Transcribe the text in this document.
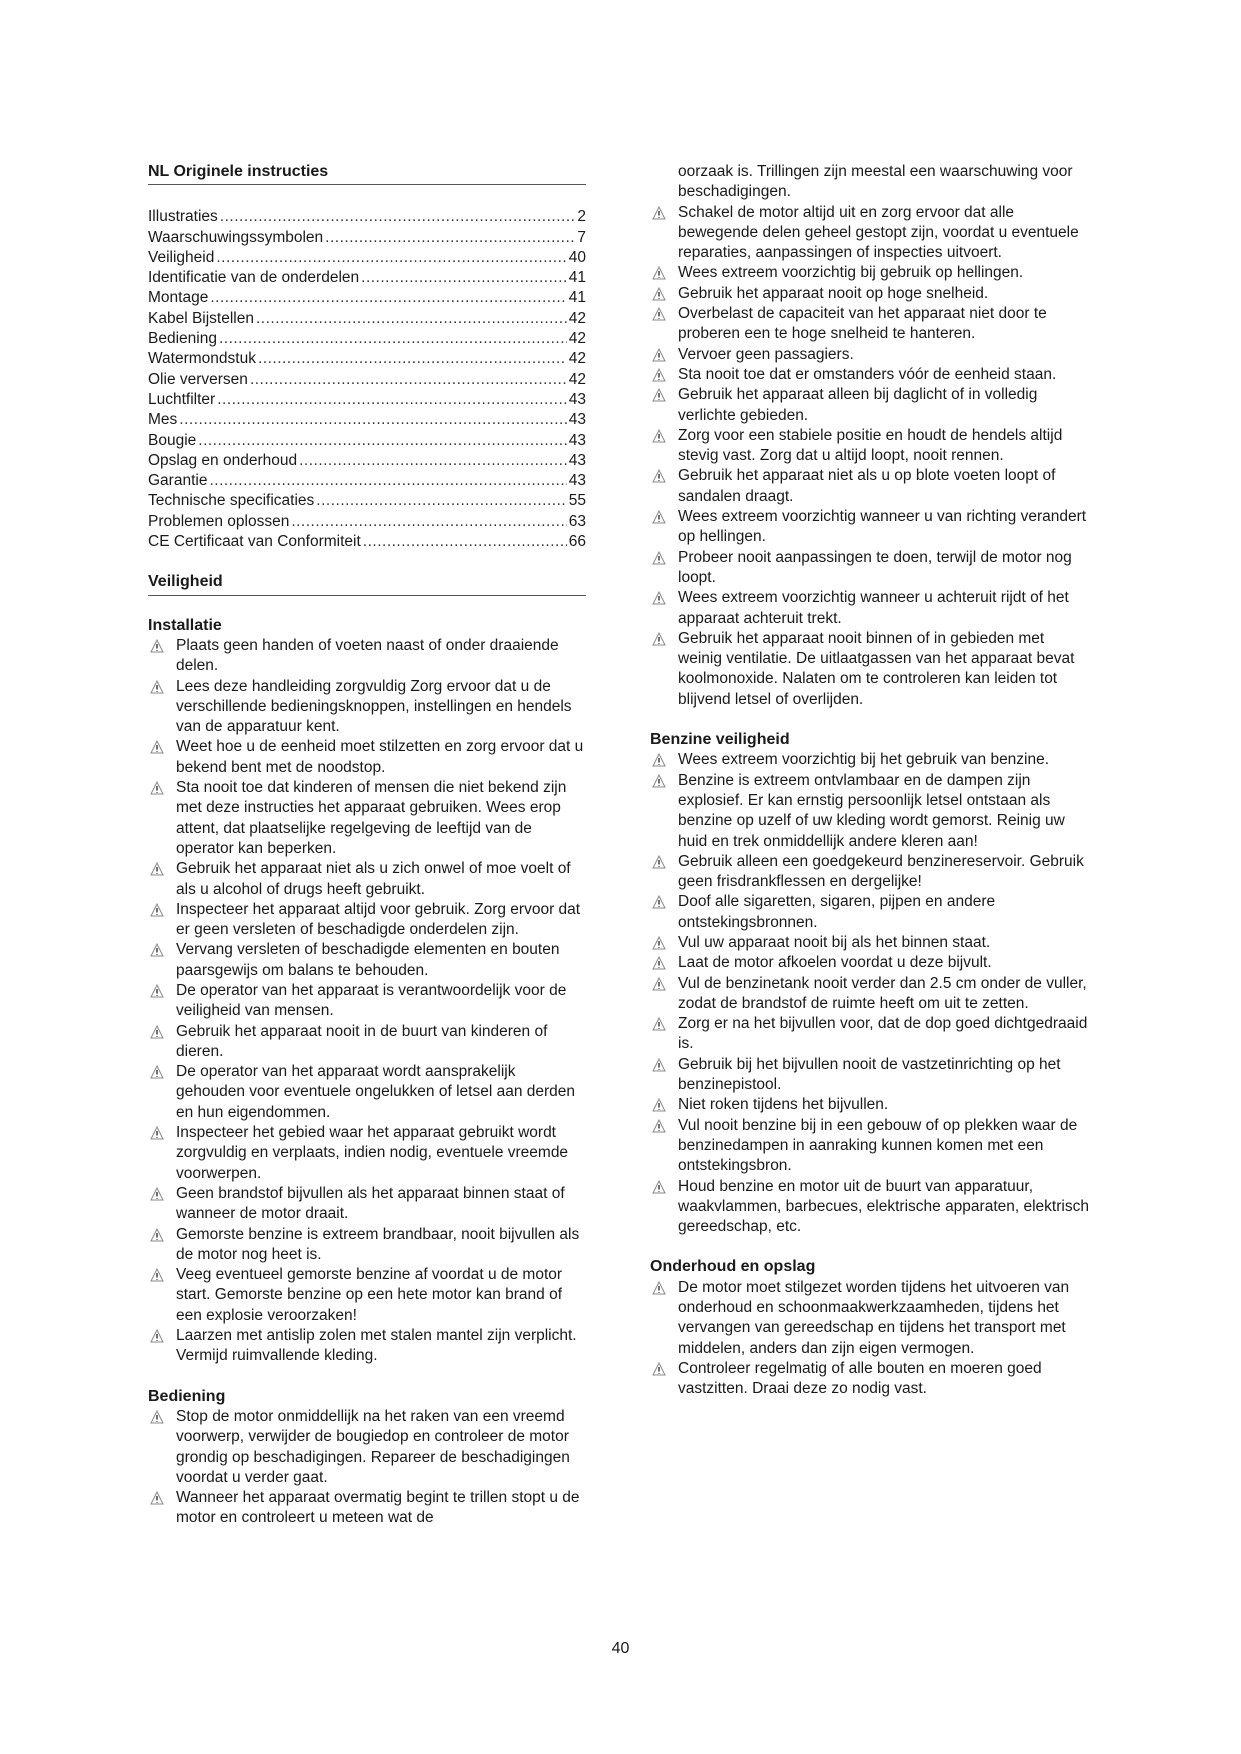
NL Originele instructies
Illustraties .....	2
Waarschuwingssymbolen .....	7
Veiligheid .....	40
Identificatie van de onderdelen .....	41
Montage .....	41
Kabel Bijstellen .....	42
Bediening .....	42
Watermondstuk .....	42
Olie verversen .....	42
Luchtfilter .....	43
Mes .....	43
Bougie .....	43
Opslag en onderhoud .....	43
Garantie .....	43
Technische specificaties .....	55
Problemen oplossen .....	63
CE Certificaat van Conformiteit .....	66
Veiligheid
Installatie
Plaats geen handen of voeten naast of onder draaiende delen.
Lees deze handleiding zorgvuldig Zorg ervoor dat u de verschillende bedieningsknoppen, instellingen en hendels van de apparatuur kent.
Weet hoe u de eenheid moet stilzetten en zorg ervoor dat u bekend bent met de noodstop.
Sta nooit toe dat kinderen of mensen die niet bekend zijn met deze instructies het apparaat gebruiken. Wees erop attent, dat plaatselijke regelgeving de leeftijd van de operator kan beperken.
Gebruik het apparaat niet als u zich onwel of moe voelt of als u alcohol of drugs heeft gebruikt.
Inspecteer het apparaat altijd voor gebruik. Zorg ervoor dat er geen versleten of beschadigde onderdelen zijn.
Vervang versleten of beschadigde elementen en bouten paarsgewijs om balans te behouden.
De operator van het apparaat is verantwoordelijk voor de veiligheid van mensen.
Gebruik het apparaat nooit in de buurt van kinderen of dieren.
De operator van het apparaat wordt aansprakelijk gehouden voor eventuele ongelukken of letsel aan derden en hun eigendommen.
Inspecteer het gebied waar het apparaat gebruikt wordt zorgvuldig en verplaats, indien nodig, eventuele vreemde voorwerpen.
Geen brandstof bijvullen als het apparaat binnen staat of wanneer de motor draait.
Gemorste benzine is extreem brandbaar, nooit bijvullen als de motor nog heet is.
Veeg eventueel gemorste benzine af voordat u de motor start. Gemorste benzine op een hete motor kan brand of een explosie veroorzaken!
Laarzen met antislip zolen met stalen mantel zijn verplicht. Vermijd ruimvallende kleding.
Bediening
Stop de motor onmiddellijk na het raken van een vreemd voorwerp, verwijder de bougiedop en controleer de motor grondig op beschadigingen. Repareer de beschadigingen voordat u verder gaat.
Wanneer het apparaat overmatig begint te trillen stopt u de motor en controleert u meteen wat de
oorzaak is. Trillingen zijn meestal een waarschuwing voor beschadigingen.
Schakel de motor altijd uit en zorg ervoor dat alle bewegende delen geheel gestopt zijn, voordat u eventuele reparaties, aanpassingen of inspecties uitvoert.
Wees extreem voorzichtig bij gebruik op hellingen.
Gebruik het apparaat nooit op hoge snelheid.
Overbelast de capaciteit van het apparaat niet door te proberen een te hoge snelheid te hanteren.
Vervoer geen passagiers.
Sta nooit toe dat er omstanders vóór de eenheid staan.
Gebruik het apparaat alleen bij daglicht of in volledig verlichte gebieden.
Zorg voor een stabiele positie en houdt de hendels altijd stevig vast. Zorg dat u altijd loopt, nooit rennen.
Gebruik het apparaat niet als u op blote voeten loopt of sandalen draagt.
Wees extreem voorzichtig wanneer u van richting verandert op hellingen.
Probeer nooit aanpassingen te doen, terwijl de motor nog loopt.
Wees extreem voorzichtig wanneer u achteruit rijdt of het apparaat achteruit trekt.
Gebruik het apparaat nooit binnen of in gebieden met weinig ventilatie. De uitlaatgassen van het apparaat bevat koolmonoxide. Nalaten om te controleren kan leiden tot blijvend letsel of overlijden.
Benzine veiligheid
Wees extreem voorzichtig bij het gebruik van benzine.
Benzine is extreem ontvlambaar en de dampen zijn explosief. Er kan ernstig persoonlijk letsel ontstaan als benzine op uzelf of uw kleding wordt gemorst. Reinig uw huid en trek onmiddellijk andere kleren aan!
Gebruik alleen een goedgekeurd benzinereservoir. Gebruik geen frisdrankflessen en dergelijke!
Doof alle sigaretten, sigaren, pijpen en andere ontstekingsbronnen.
Vul uw apparaat nooit bij als het binnen staat.
Laat de motor afkoelen voordat u deze bijvult.
Vul de benzinetank nooit verder dan 2.5 cm onder de vuller, zodat de brandstof de ruimte heeft om uit te zetten.
Zorg er na het bijvullen voor, dat de dop goed dichtgedraaid is.
Gebruik bij het bijvullen nooit de vastzetinrichting op het benzinepistool.
Niet roken tijdens het bijvullen.
Vul nooit benzine bij in een gebouw of op plekken waar de benzinedampen in aanraking kunnen komen met een ontstekingsbron.
Houd benzine en motor uit de buurt van apparatuur, waakvlammen, barbecues, elektrische apparaten, elektrisch gereedschap, etc.
Onderhoud en opslag
De motor moet stilgezet worden tijdens het uitvoeren van onderhoud en schoonmaakwerkzaamheden, tijdens het vervangen van gereedschap en tijdens het transport met middelen, anders dan zijn eigen vermogen.
Controleer regelmatig of alle bouten en moeren goed vastzitten. Draai deze zo nodig vast.
40
